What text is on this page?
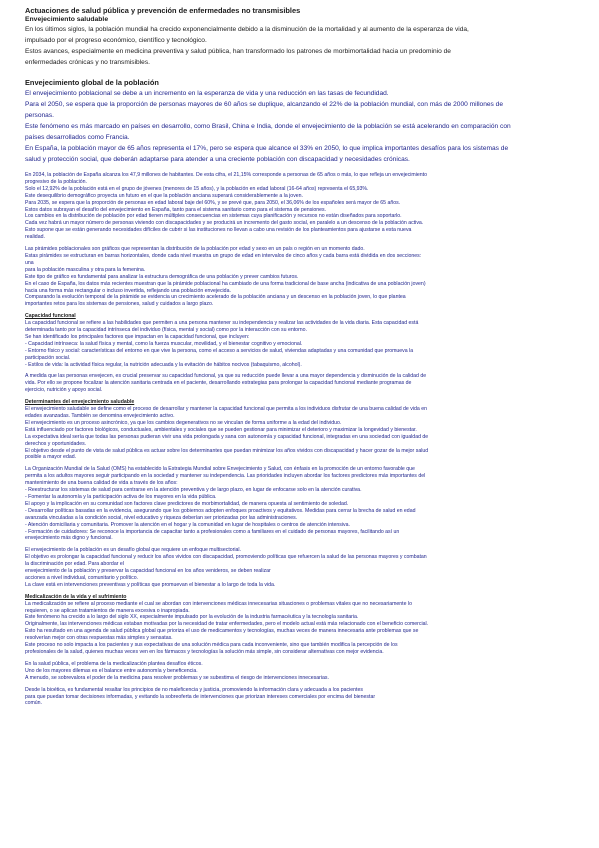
Actuaciones de salud pública y prevención de enfermedades no transmisibles

Envejecimiento saludable

En los últimos siglos, la población mundial ha crecido exponencialmente debido a la disminución de la mortalidad y al aumento de la esperanza de vida,

impulsado por el progreso económico, científico y tecnológico.

Estos avances, especialmente en medicina preventiva y salud pública, han transformado los patrones de morbimortalidad hacia un predominio de

enfermedades crónicas y no transmisibles.

Envejecimiento global de la población

El envejecimiento poblacional se debe a un incremento en la esperanza de vida y una reducción en las tasas de fecundidad.

Para el 2050, se espera que la proporción de personas mayores de 60 años se duplique, alcanzando el 22% de la población mundial, con más de 2000 millones de

personas.

Este fenómeno es más marcado en países en desarrollo, como Brasil, China e India, donde el envejecimiento de la población se está acelerando en comparación con

países desarrollados como Francia.

En España, la población mayor de 65 años representa el 17%, pero se espera que alcance el 33% en 2050, lo que implica importantes desafíos para los sistemas de

salud y protección social, que deberán adaptarse para atender a una creciente población con discapacidad y necesidades crónicas.

En 2034, la población de España alcanza los 47,9 millones de habitantes. De esta cifra, el 21,15% corresponde a personas de 65 años o más, lo que refleja un envejecimiento

progresivo de la población.

Solo el 12,92% de la población está en el grupo de jóvenes (menores de 15 años), y la población en edad laboral (16-64 años) representa el 65,93%.

Este desequilibrio demográfico proyecta un futuro en el que la población anciana superará considerablemente a la joven.

Para 2035, se espera que la proporción de personas en edad laboral baje del 60%, y se prevé que, para 2050, el 36,06% de los españoles será mayor de 65 años.

Estos datos subrayan el desafío del envejecimiento en España, tanto para el sistema sanitario como para el sistema de pensiones.

Los cambios en la distribución de población por edad tienen múltiples consecuencias en sistemas cuya planificación y recursos no están diseñados para soportarlo.

Cada vez habrá un mayor número de personas viviendo con discapacidades y se producirá un incremento del gasto social, en paralelo a un descenso de la población activa.

Esto supone que se están generando necesidades difíciles de cubrir si las instituciones no llevan a cabo una revisión de los planteamientos para ajustarse a esta nueva

realidad.

Las pirámides poblacionales son gráficos que representan la distribución de la población por edad y sexo en un país o región en un momento dado.

Estas pirámides se estructuran en barras horizontales, donde cada nivel muestra un grupo de edad en intervalos de cinco años y cada barra está dividida en dos secciones:

una

para la población masculina y otra para la femenina.

Este tipo de gráfico es fundamental para analizar la estructura demográfica de una población y prever cambios futuros.

En el caso de España, los datos más recientes muestran que la pirámide poblacional ha cambiado de una forma tradicional de base ancha (indicativa de una población joven)

hacia una forma más rectangular o incluso invertida, reflejando una población envejecida.

Comparando la evolución temporal de la pirámide se evidencia un crecimiento acelerado de la población anciana y un descenso en la población joven, lo que plantea

importantes retos para los sistemas de pensiones, salud y cuidados a largo plazo.

Capacidad funcional

La capacidad funcional se refiere a las habilidades que permiten a una persona mantener su independencia y realizar las actividades de la vida diaria. Esta capacidad está

determinada tanto por la capacidad intrínseca del individuo (física, mental y social) como por la interacción con su entorno.

Se han identificado los principales factores que impactan en la capacidad funcional, que incluyen:

- Capacidad intrínseca: la salud física y mental, como la fuerza muscular, movilidad, y el bienestar cognitivo y emocional.

- Entorno físico y social: características del entorno en que vive la persona, como el acceso a servicios de salud, viviendas adaptadas y una comunidad que promueva la

participación social.

- Estilos de vida: la actividad física regular, la nutrición adecuada y la evitación de hábitos nocivos (tabaquismo, alcohol).

A medida que las personas envejecen, es crucial preservar su capacidad funcional, ya que su reducción puede llevar a una mayor dependencia y disminución de la calidad de

vida. Por ello se propone focalizar la atención sanitaria centrada en el paciente, desarrollando estrategias para prolongar la capacidad funcional mediante programas de

ejercicio, nutrición y apoyo social.

Determinantes del envejecimiento saludable

El envejecimiento saludable se define como el proceso de desarrollar y mantener la capacidad funcional que permita a los individuos disfrutar de una buena calidad de vida en

edades avanzadas. También se denomina envejecimiento activo.

El envejecimiento es un proceso asincrónico, ya que los cambios degenerativos no se vinculan de forma uniforme a la edad del individuo.

Está influenciado por factores biológicos, conductuales, ambientales y sociales que se pueden gestionar para minimizar el deterioro y maximizar la longevidad y bienestar.

La expectativa ideal sería que todas las personas pudieran vivir una vida prolongada y sana con autonomía y capacidad funcional, integradas en una sociedad con igualdad de

derechos y oportunidades.

El objetivo desde el punto de vista de salud pública es actuar sobre los determinantes que puedan minimizar los años vividos con discapacidad y hacer gozar de la mejor salud

posible a mayor edad.

La Organización Mundial de la Salud (OMS) ha establecido la Estrategia Mundial sobre Envejecimiento y Salud, con énfasis en la promoción de un entorno favorable que

permita a los adultos mayores seguir participando en la sociedad y mantener su independencia. Las prioridades incluyen abordar los factores predictores más importantes del

mantenimiento de una buena calidad de vida a través de los años:

- Reestructurar los sistemas de salud para centrarse en la atención preventiva y de largo plazo, en lugar de enfocarse solo en la atención curativa.

- Fomentar la autonomía y la participación activa de los mayores en la vida pública.

El apoyo y la implicación en su comunidad son factores clave predictores de morbimortalidad, de manera opuesta al sentimiento de soledad.

- Desarrollar políticas basadas en la evidencia, asegurando que los gobiernos adopten enfoques proactivos y equitativos. Medidas para cerrar la brecha de salud en edad

avanzada vinculadas a la condición social, nivel educativo y riqueza deberían ser priorizadas por las administraciones.

- Atención domiciliaria y comunitaria. Promover la atención en el hogar y la comunidad en lugar de hospitales o centros de atención intensiva.

- Formación de cuidadores: Se reconoce la importancia de capacitar tanto a profesionales como a familiares en el cuidado de personas mayores, facilitando así un

envejecimiento más digno y funcional.

El envejecimiento de la población es un desafío global que requiere un enfoque multisectorial.

El objetivo es prolongar la capacidad funcional y reducir los años vividos con discapacidad, promoviendo políticas que refuercen la salud de las personas mayores y combatan

la discriminación por edad. Para abordar el

envejecimiento de la población y preservar la capacidad funcional en los años venideros, se deben realizar

acciones a nivel individual, comunitario y político.

La clave está en intervenciones preventivas y políticas que promuevan el bienestar a lo largo de toda la vida.

Medicalización de la vida y el sufrimiento

La medicalización se refiere al proceso mediante el cual se abordan con intervenciones médicas innecesarias situaciones o problemas vitales que no necesariamente lo

requieren, o se aplican tratamientos de manera excesiva o inapropiada.

Este fenómeno ha crecido a lo largo del siglo XX, especialmente impulsado por la evolución de la industria farmacéutica y la tecnología sanitaria.

Originalmente, las intervenciones médicas estaban motivadas por la necesidad de tratar enfermedades, pero el modelo actual está más relacionado con el beneficio comercial.

Esto ha resultado en una agenda de salud pública global que prioriza el uso de medicamentos y tecnologías, muchas veces de manera innecesaria ante problemas que se

resolverían mejor con otras respuestas más simples y sensatas.

Este proceso no solo impacta a los pacientes y sus expectativas de una solución médica para cada inconveniente, sino que también modifica la percepción de los

profesionales de la salud, quienes muchas veces ven en los fármacos y tecnologías la solución más simple, sin considerar alternativas con mejor evidencia.

En la salud pública, el problema de la medicalización plantea desafíos éticos.

Uno de los mayores dilemas es el balance entre autonomía y beneficencia.

A menudo, se sobrevalora el poder de la medicina para resolver problemas y se subestima el riesgo de intervenciones innecesarias.

Desde la bioética, es fundamental resaltar los principios de no maleficencia y justicia, promoviendo la información clara y adecuada a los pacientes

para que puedan tomar decisiones informadas, y evitando la sobreoferta de intervenciones que priorizan intereses comerciales por encima del bienestar

común.
